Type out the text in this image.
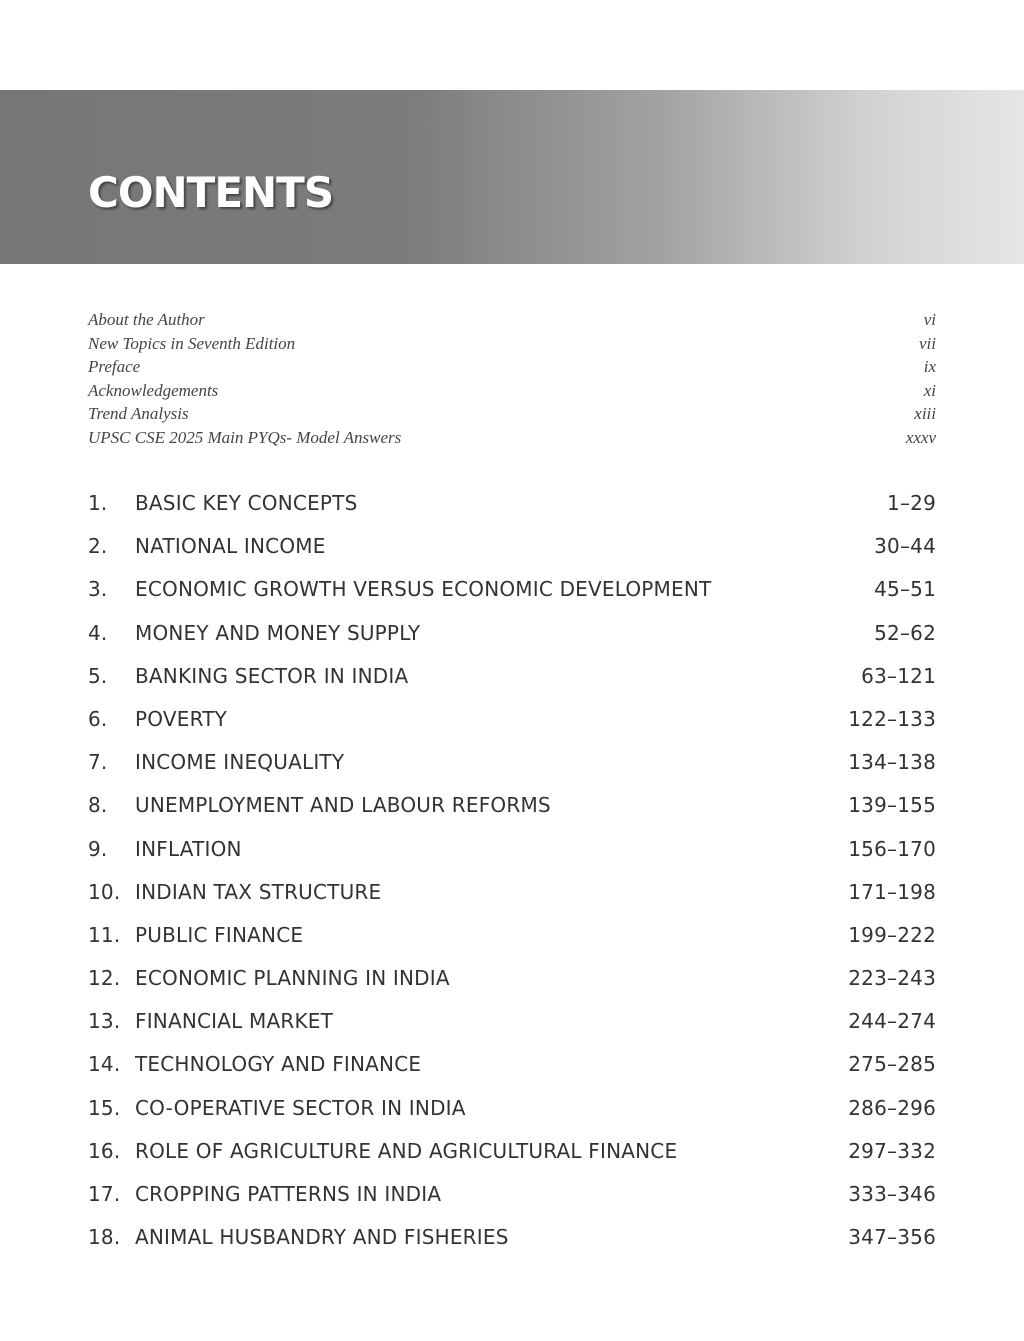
CONTENTS
About the Author	vi
New Topics in Seventh Edition	vii
Preface	ix
Acknowledgements	xi
Trend Analysis	xiii
UPSC CSE 2025 Main PYQs- Model Answers	xxxv
1. BASIC KEY CONCEPTS	1–29
2. NATIONAL INCOME	30–44
3. ECONOMIC GROWTH VERSUS ECONOMIC DEVELOPMENT	45–51
4. MONEY AND MONEY SUPPLY	52–62
5. BANKING SECTOR IN INDIA	63–121
6. POVERTY	122–133
7. INCOME INEQUALITY	134–138
8. UNEMPLOYMENT AND LABOUR REFORMS	139–155
9. INFLATION	156–170
10. INDIAN TAX STRUCTURE	171–198
11. PUBLIC FINANCE	199–222
12. ECONOMIC PLANNING IN INDIA	223–243
13. FINANCIAL MARKET	244–274
14. TECHNOLOGY AND FINANCE	275–285
15. CO-OPERATIVE SECTOR IN INDIA	286–296
16. ROLE OF AGRICULTURE AND AGRICULTURAL FINANCE	297–332
17. CROPPING PATTERNS IN INDIA	333–346
18. ANIMAL HUSBANDRY AND FISHERIES	347–356
